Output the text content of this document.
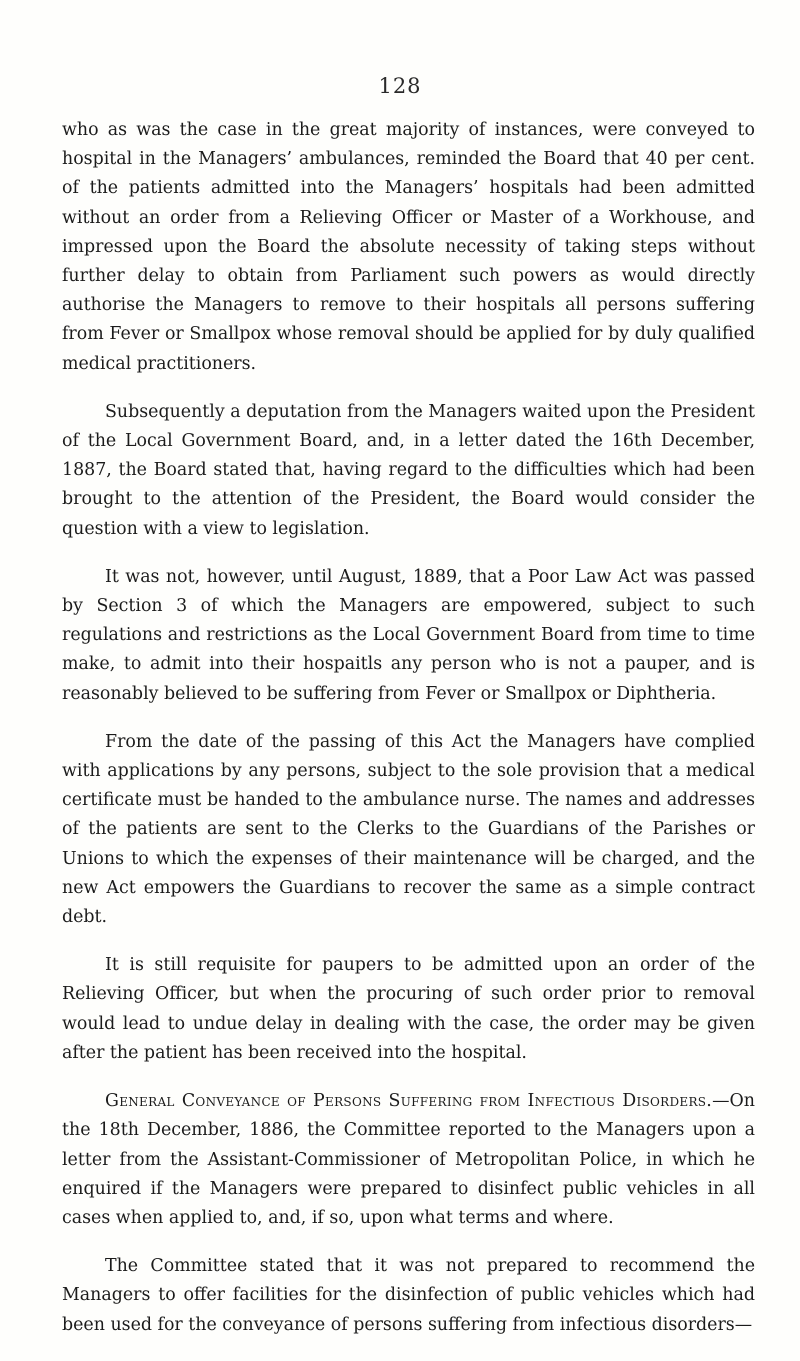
128

who as was the case in the great majority of instances, were conveyed to hospital in the Managers’ ambulances, reminded the Board that 40 per cent. of the patients admitted into the Managers’ hospitals had been admitted without an order from a Relieving Officer or Master of a Workhouse, and impressed upon the Board the absolute necessity of taking steps without further delay to obtain from Parliament such powers as would directly authorise the Managers to remove to their hospitals all persons suffering from Fever or Smallpox whose removal should be applied for by duly qualified medical practitioners.

Subsequently a deputation from the Managers waited upon the President of the Local Government Board, and, in a letter dated the 16th December, 1887, the Board stated that, having regard to the difficulties which had been brought to the attention of the President, the Board would consider the question with a view to legislation.

It was not, however, until August, 1889, that a Poor Law Act was passed by Section 3 of which the Managers are empowered, subject to such regulations and restrictions as the Local Government Board from time to time make, to admit into their hospaitls any person who is not a pauper, and is reasonably believed to be suffering from Fever or Smallpox or Diphtheria.

From the date of the passing of this Act the Managers have complied with applications by any persons, subject to the sole provision that a medical certificate must be handed to the ambulance nurse. The names and addresses of the patients are sent to the Clerks to the Guardians of the Parishes or Unions to which the expenses of their maintenance will be charged, and the new Act empowers the Guardians to recover the same as a simple contract debt.

It is still requisite for paupers to be admitted upon an order of the Relieving Officer, but when the procuring of such order prior to removal would lead to undue delay in dealing with the case, the order may be given after the patient has been received into the hospital.

General Conveyance of Persons Suffering from Infectious Disorders.—On the 18th December, 1886, the Committee reported to the Managers upon a letter from the Assistant-Commissioner of Metropolitan Police, in which he enquired if the Managers were prepared to disinfect public vehicles in all cases when applied to, and, if so, upon what terms and where.

The Committee stated that it was not prepared to recommend the Managers to offer facilities for the disinfection of public vehicles which had been used for the conveyance of persons suffering from infectious disorders—
